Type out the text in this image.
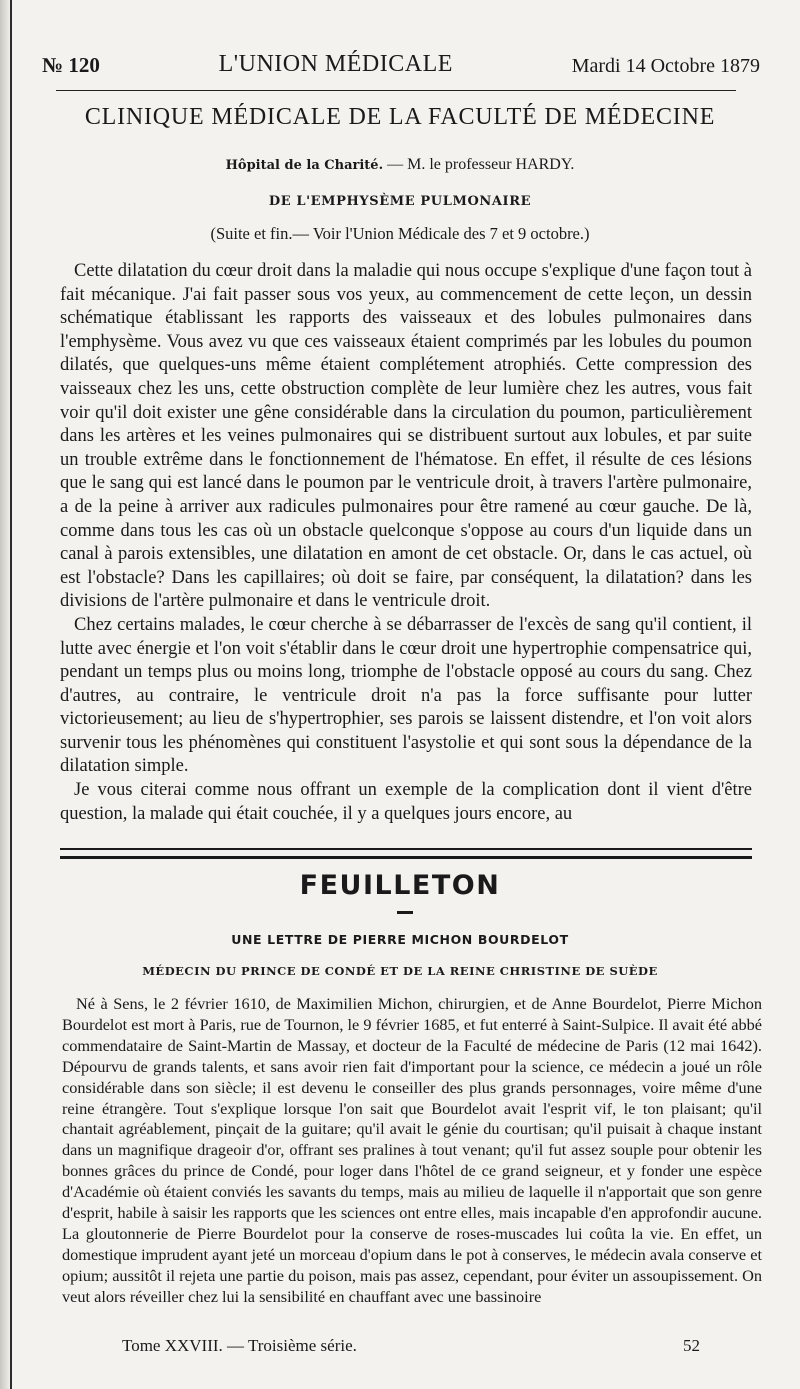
№ 120	L'UNION MÉDICALE	Mardi 14 Octobre 1879
CLINIQUE MÉDICALE DE LA FACULTÉ DE MÉDECINE
Hôpital de la Charité. — M. le professeur HARDY.
DE L'EMPHYSÈME PULMONAIRE
(Suite et fin.— Voir l'Union Médicale des 7 et 9 octobre.)

Cette dilatation du cœur droit dans la maladie qui nous occupe s'explique d'une façon tout à fait mécanique. J'ai fait passer sous vos yeux, au commencement de cette leçon, un dessin schématique établissant les rapports des vaisseaux et des lobules pulmonaires dans l'emphysème. Vous avez vu que ces vaisseaux étaient comprimés par les lobules du poumon dilatés, que quelques-uns même étaient complétement atrophiés. Cette compression des vaisseaux chez les uns, cette obstruction complète de leur lumière chez les autres, vous fait voir qu'il doit exister une gêne considérable dans la circulation du poumon, particulièrement dans les artères et les veines pulmonaires qui se distribuent surtout aux lobules, et par suite un trouble extrême dans le fonctionnement de l'hématose. En effet, il résulte de ces lésions que le sang qui est lancé dans le poumon par le ventricule droit, à travers l'artère pulmonaire, a de la peine à arriver aux radicules pulmonaires pour être ramené au cœur gauche. De là, comme dans tous les cas où un obstacle quelconque s'oppose au cours d'un liquide dans un canal à parois extensibles, une dilatation en amont de cet obstacle. Or, dans le cas actuel, où est l'obstacle? Dans les capillaires; où doit se faire, par conséquent, la dilatation? dans les divisions de l'artère pulmonaire et dans le ventricule droit.

Chez certains malades, le cœur cherche à se débarrasser de l'excès de sang qu'il contient, il lutte avec énergie et l'on voit s'établir dans le cœur droit une hypertrophie compensatrice qui, pendant un temps plus ou moins long, triomphe de l'obstacle opposé au cours du sang. Chez d'autres, au contraire, le ventricule droit n'a pas la force suffisante pour lutter victorieusement; au lieu de s'hypertrophier, ses parois se laissent distendre, et l'on voit alors survenir tous les phénomènes qui constituent l'asystolie et qui sont sous la dépendance de la dilatation simple.

Je vous citerai comme nous offrant un exemple de la complication dont il vient d'être question, la malade qui était couchée, il y a quelques jours encore, au

FEUILLETON
UNE LETTRE DE PIERRE MICHON BOURDELOT
MÉDECIN DU PRINCE DE CONDÉ ET DE LA REINE CHRISTINE DE SUÈDE

Né à Sens, le 2 février 1610, de Maximilien Michon, chirurgien, et de Anne Bourdelot, Pierre Michon Bourdelot est mort à Paris, rue de Tournon, le 9 février 1685, et fut enterré à Saint-Sulpice. Il avait été abbé commendataire de Saint-Martin de Massay, et docteur de la Faculté de médecine de Paris (12 mai 1642). Dépourvu de grands talents, et sans avoir rien fait d'important pour la science, ce médecin a joué un rôle considérable dans son siècle; il est devenu le conseiller des plus grands personnages, voire même d'une reine étrangère. Tout s'explique lorsque l'on sait que Bourdelot avait l'esprit vif, le ton plaisant; qu'il chantait agréablement, pinçait de la guitare; qu'il avait le génie du courtisan; qu'il puisait à chaque instant dans un magnifique drageoir d'or, offrant ses pralines à tout venant; qu'il fut assez souple pour obtenir les bonnes grâces du prince de Condé, pour loger dans l'hôtel de ce grand seigneur, et y fonder une espèce d'Académie où étaient conviés les savants du temps, mais au milieu de laquelle il n'apportait que son genre d'esprit, habile à saisir les rapports que les sciences ont entre elles, mais incapable d'en approfondir aucune. La gloutonnerie de Pierre Bourdelot pour la conserve de roses-muscades lui coûta la vie. En effet, un domestique imprudent ayant jeté un morceau d'opium dans le pot à conserves, le médecin avala conserve et opium; aussitôt il rejeta une partie du poison, mais pas assez, cependant, pour éviter un assoupissement. On veut alors réveiller chez lui la sensibilité en chauffant avec une bassinoire

Tome XXVIII. — Troisième série.	52
